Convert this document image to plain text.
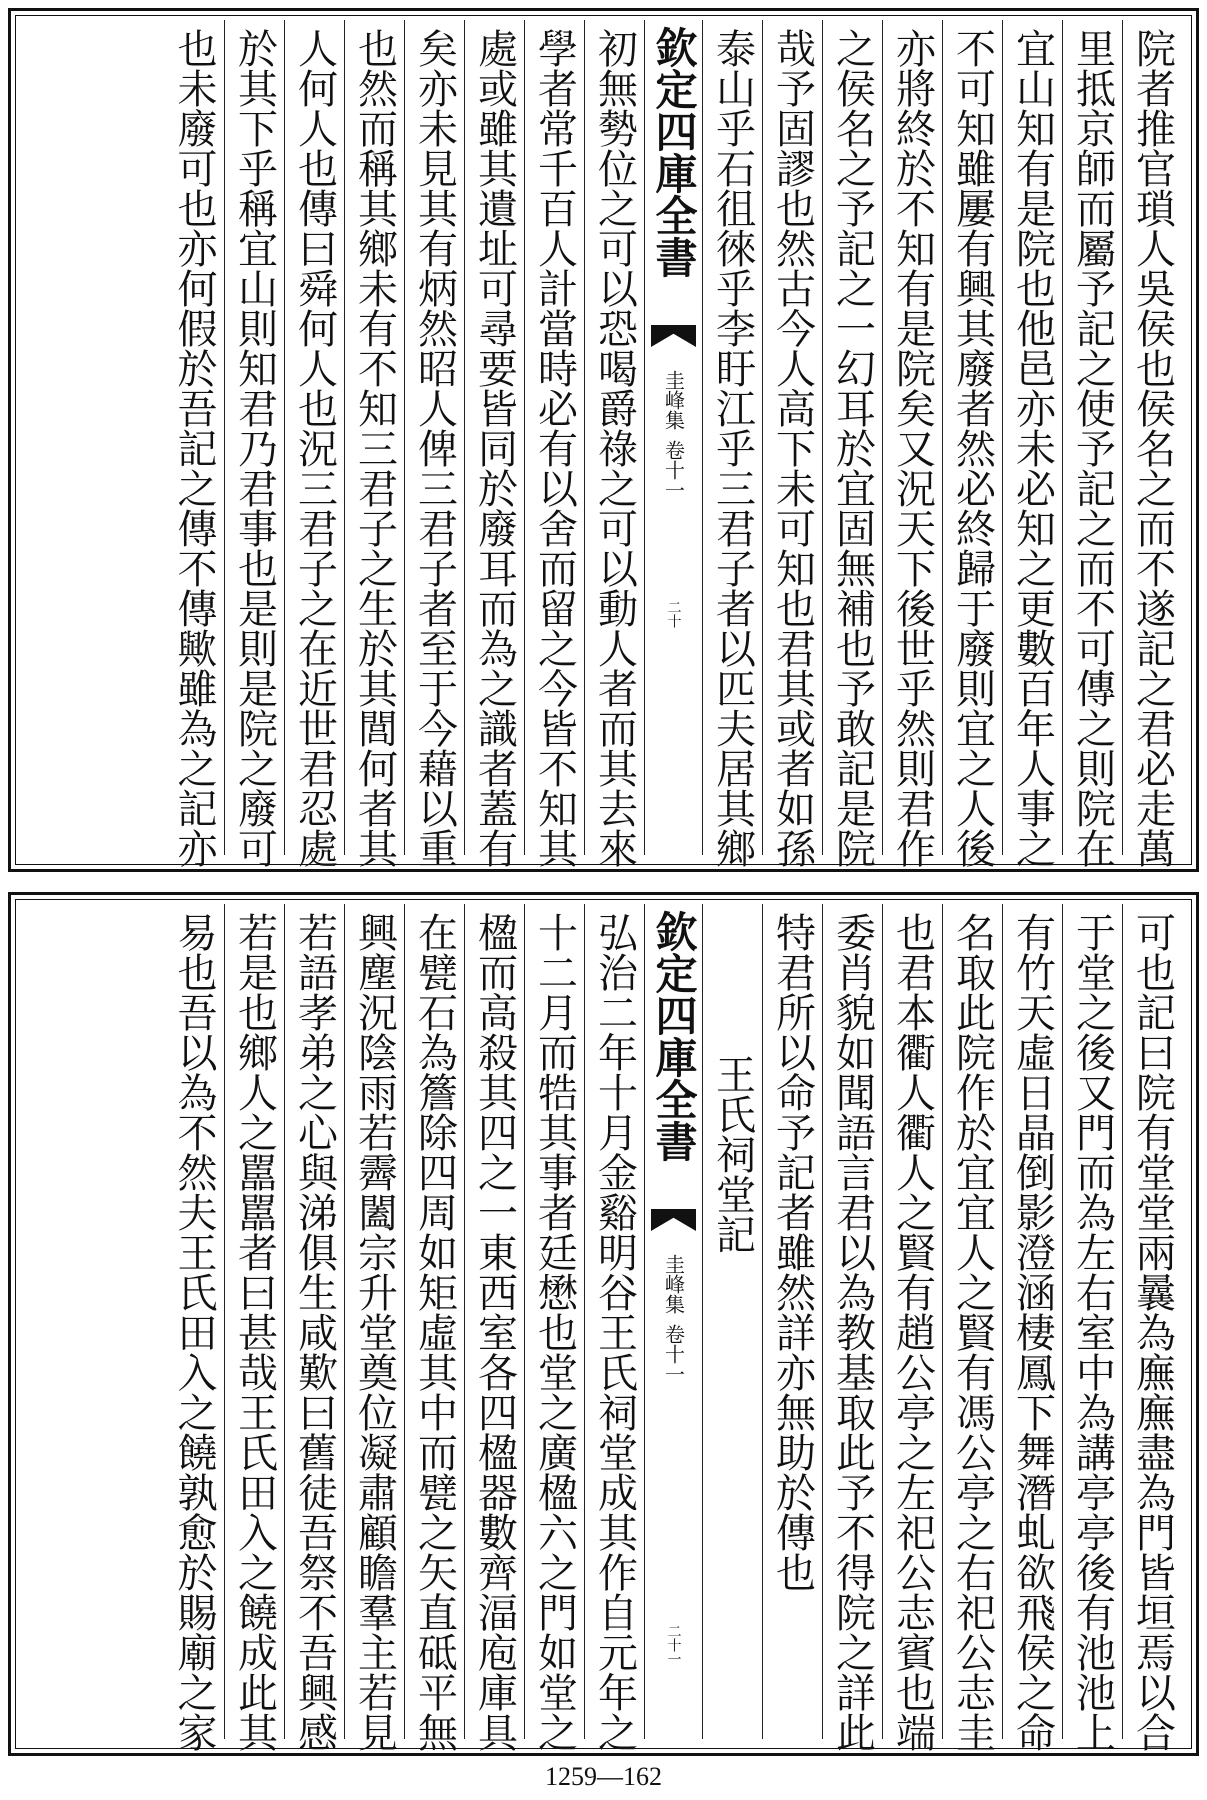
院者推官瑣人吳侯也侯名之而不遂記之君必走萬
里抵京師而屬予記之使予記之而不可傳之則院在
宜山知有是院也他邑亦未必知之更數百年人事之
不可知雖屢有興其廢者然必終歸于廢則宜之人後
亦將終於不知有是院矣又況天下後世乎然則君作
之侯名之予記之一幻耳於宜固無補也予敢記是院
哉予固謬也然古今人高下未可知也君其或者如孫
泰山乎石徂徠乎李盱江乎三君子者以匹夫居其鄉
欽定四庫全書
圭峰集
卷十一
二十
初無勢位之可以恐喝爵祿之可以動人者而其去來
學者常千百人計當時必有以舍而留之今皆不知其
處或雖其遺址可尋要皆同於廢耳而為之識者蓋有
矣亦未見其有炳然昭人俾三君子者至于今藉以重
也然而稱其鄉未有不知三君子之生於其閭何者其
人何人也傳曰舜何人也況三君子之在近世君忍處
於其下乎稱宜山則知君乃君事也是則是院之廢可
也未廢可也亦何假於吾記之傳不傳歟雖為之記亦
可也記曰院有堂堂兩曩為廡廡盡為門皆垣焉以合
于堂之後又門而為左右室中為講亭亭後有池池上
有竹天虛日晶倒影澄涵棲鳳下舞潛虬欲飛侯之命
名取此院作於宜宜人之賢有馮公亭之右祀公志圭
也君本衢人衢人之賢有趙公亭之左祀公志賓也端
委肖貌如聞語言君以為教基取此予不得院之詳此
特君所以命予記者雖然詳亦無助於傳也
王氏祠堂記
欽定四庫全書
圭峰集
卷十一
二十一
弘治二年十月金谿明谷王氏祠堂成其作自元年之
十二月而牿其事者廷懋也堂之廣楹六之門如堂之
楹而高殺其四之一東西室各四楹器數齊湢庖庫具
在甓石為簷除四周如矩虛其中而甓之矢直砥平無
興塵況陰雨若霽闔宗升堂奠位凝肅顧瞻羣主若見
若語孝弟之心與涕俱生咸歎曰舊徒吾祭不吾興感
若是也鄉人之嚚嚚者曰甚哉王氏田入之饒成此其
易也吾以為不然夫王氏田入之饒孰愈於賜廟之家
1259—162
